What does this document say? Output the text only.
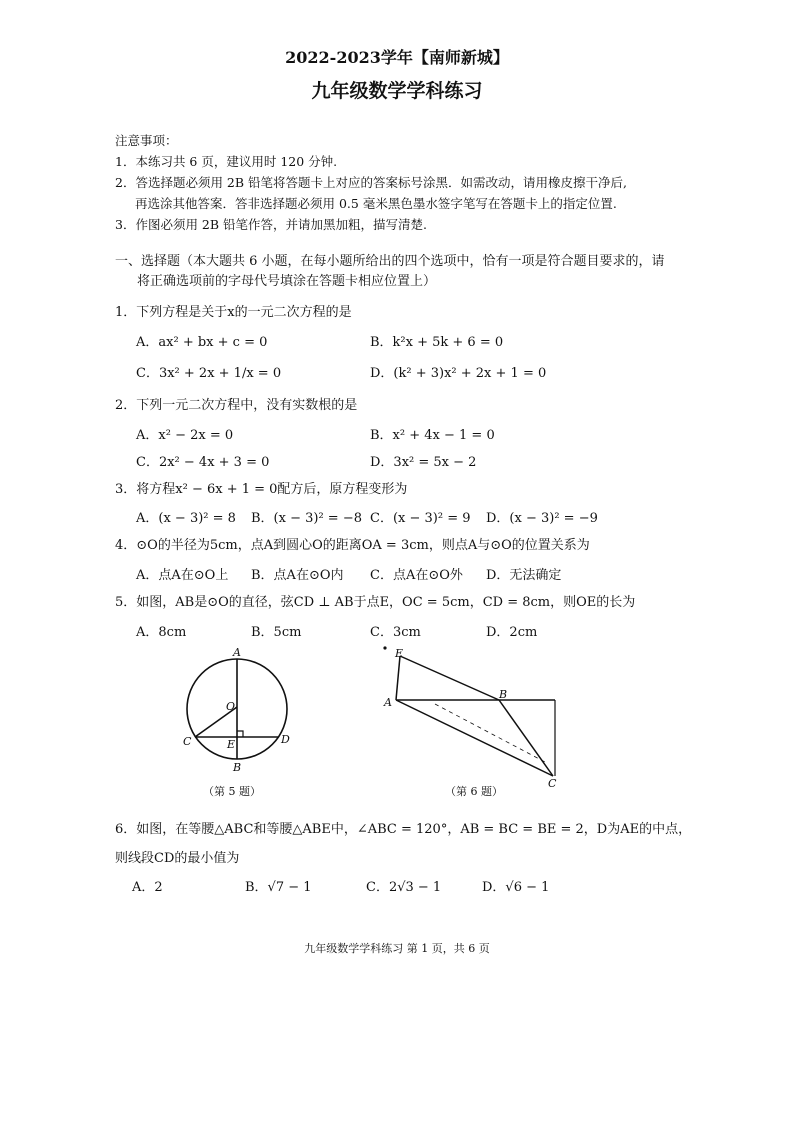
2022-2023学年【南师新城】
九年级数学学科练习
注意事项：
1．本练习共 6 页，建议用时 120 分钟.
2．答选择题必须用 2B 铅笔将答题卡上对应的答案标号涂黑．如需改动，请用橡皮擦干净后,
再选涂其他答案．答非选择题必须用 0.5 毫米黑色墨水签字笔写在答题卡上的指定位置.
3．作图必须用 2B 铅笔作答，并请加黑加粗，描写清楚.
一、选择题（本大题共 6 小题，在每小题所给出的四个选项中，恰有一项是符合题目要求的，请
将正确选项前的字母代号填涂在答题卡相应位置上）
1．下列方程是关于x的一元二次方程的是
A．ax² + bx + c = 0	B．k²x + 5k + 6 = 0
C．3x² + 2x + 1/x = 0	D．(k² + 3)x² + 2x + 1 = 0
2．下列一元二次方程中，没有实数根的是
A．x² − 2x = 0	B．x² + 4x − 1 = 0
C．2x² − 4x + 3 = 0	D．3x² = 5x − 2
3．将方程x² − 6x + 1 = 0配方后，原方程变形为
A．(x − 3)² = 8 B．(x − 3)² = −8 C．(x − 3)² = 9 D．(x − 3)² = −9
4．⊙O的半径为5cm，点A到圆心O的距离OA = 3cm，则点A与⊙O的位置关系为
A．点A在⊙O上 B．点A在⊙O内 C．点A在⊙O外 D．无法确定
5．如图，AB是⊙O的直径，弦CD ⊥ AB于点E，OC = 5cm，CD = 8cm，则OE的长为
A．8cm	B．5cm	C．3cm	D．2cm
A
O
C	E	D
B
（第 5 题）
E
A
B
C
（第 6 题）
6．如图，在等腰△ABC和等腰△ABE中，∠ABC = 120°，AB = BC = BE = 2，D为AE的中点，
则线段CD的最小值为
A．2	B．√7 − 1	C．2√3 − 1	D．√6 − 1
九年级数学学科练习 第 1 页，共 6 页
